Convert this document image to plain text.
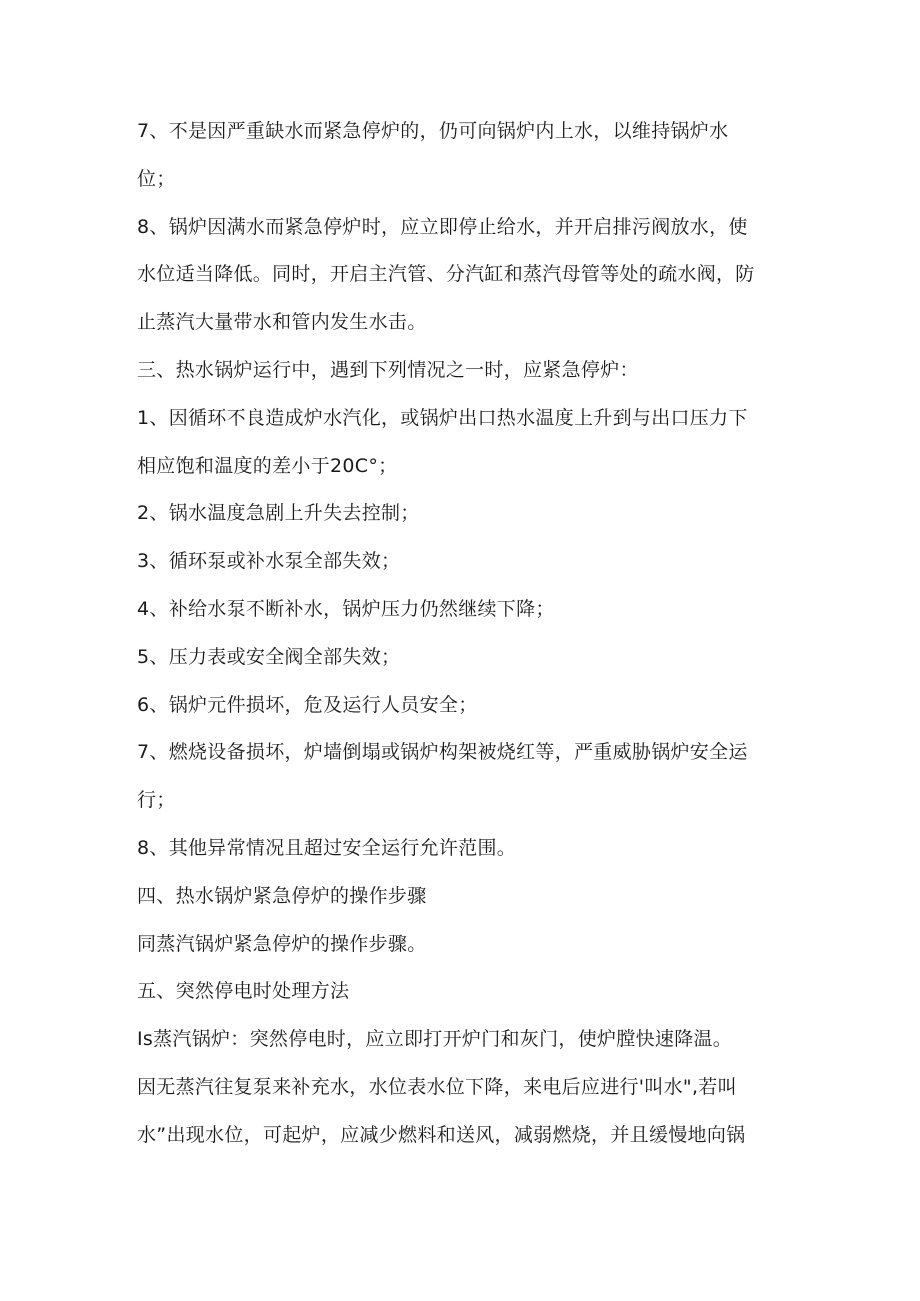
7、不是因严重缺水而紧急停炉的，仍可向锅炉内上水，以维持锅炉水
位；
8、锅炉因满水而紧急停炉时，应立即停止给水，并开启排污阀放水，使
水位适当降低。同时，开启主汽管、分汽缸和蒸汽母管等处的疏水阀，防
止蒸汽大量带水和管内发生水击。
三、热水锅炉运行中，遇到下列情况之一时，应紧急停炉：
1、因循环不良造成炉水汽化，或锅炉出口热水温度上升到与出口压力下
相应饱和温度的差小于20C°；
2、锅水温度急剧上升失去控制；
3、循环泵或补水泵全部失效；
4、补给水泵不断补水，锅炉压力仍然继续下降；
5、压力表或安全阀全部失效；
6、锅炉元件损坏，危及运行人员安全；
7、燃烧设备损坏，炉墙倒塌或锅炉构架被烧红等，严重威胁锅炉安全运
行；
8、其他异常情况且超过安全运行允许范围。
四、热水锅炉紧急停炉的操作步骤
同蒸汽锅炉紧急停炉的操作步骤。
五、突然停电时处理方法
Is蒸汽锅炉：突然停电时，应立即打开炉门和灰门，使炉膛快速降温。
因无蒸汽往复泵来补充水，水位表水位下降，来电后应进行'叫水",若叫
水”出现水位，可起炉，应减少燃料和送风，减弱燃烧，并且缓慢地向锅
